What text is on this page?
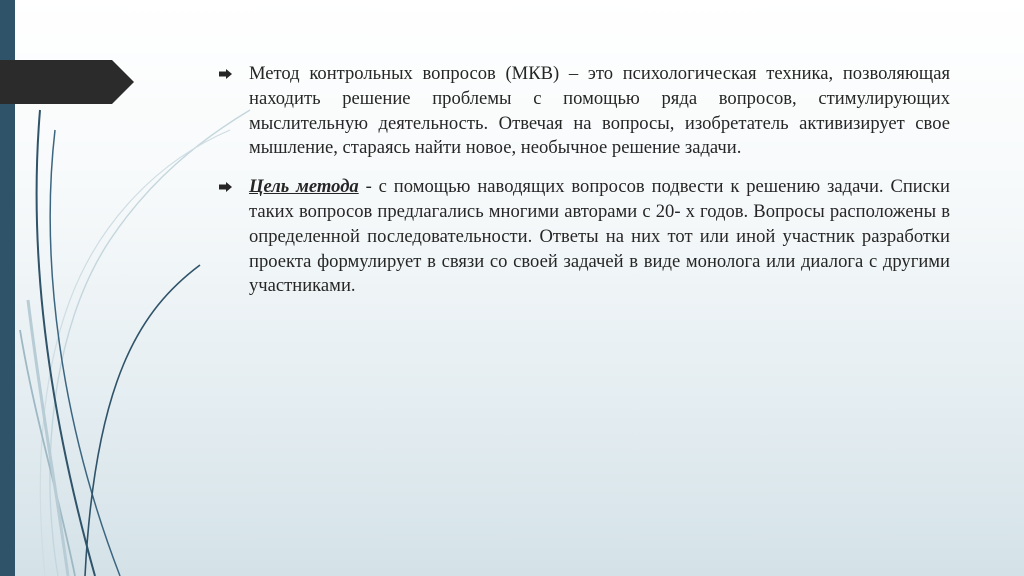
Метод контрольных вопросов (МКВ) – это психологическая техника, позволяющая находить решение проблемы с помощью ряда вопросов, стимулирующих мыслительную деятельность. Отвечая на вопросы, изобретатель активизирует свое мышление, стараясь найти новое, необычное решение задачи.
Цель метода - с помощью наводящих вопросов подвести к решению задачи. Списки таких вопросов предлагались многими авторами с 20- х годов. Вопросы расположены в определенной последовательности. Ответы на них тот или иной участник разработки проекта формулирует в связи со своей задачей в виде монолога или диалога с другими участниками.
